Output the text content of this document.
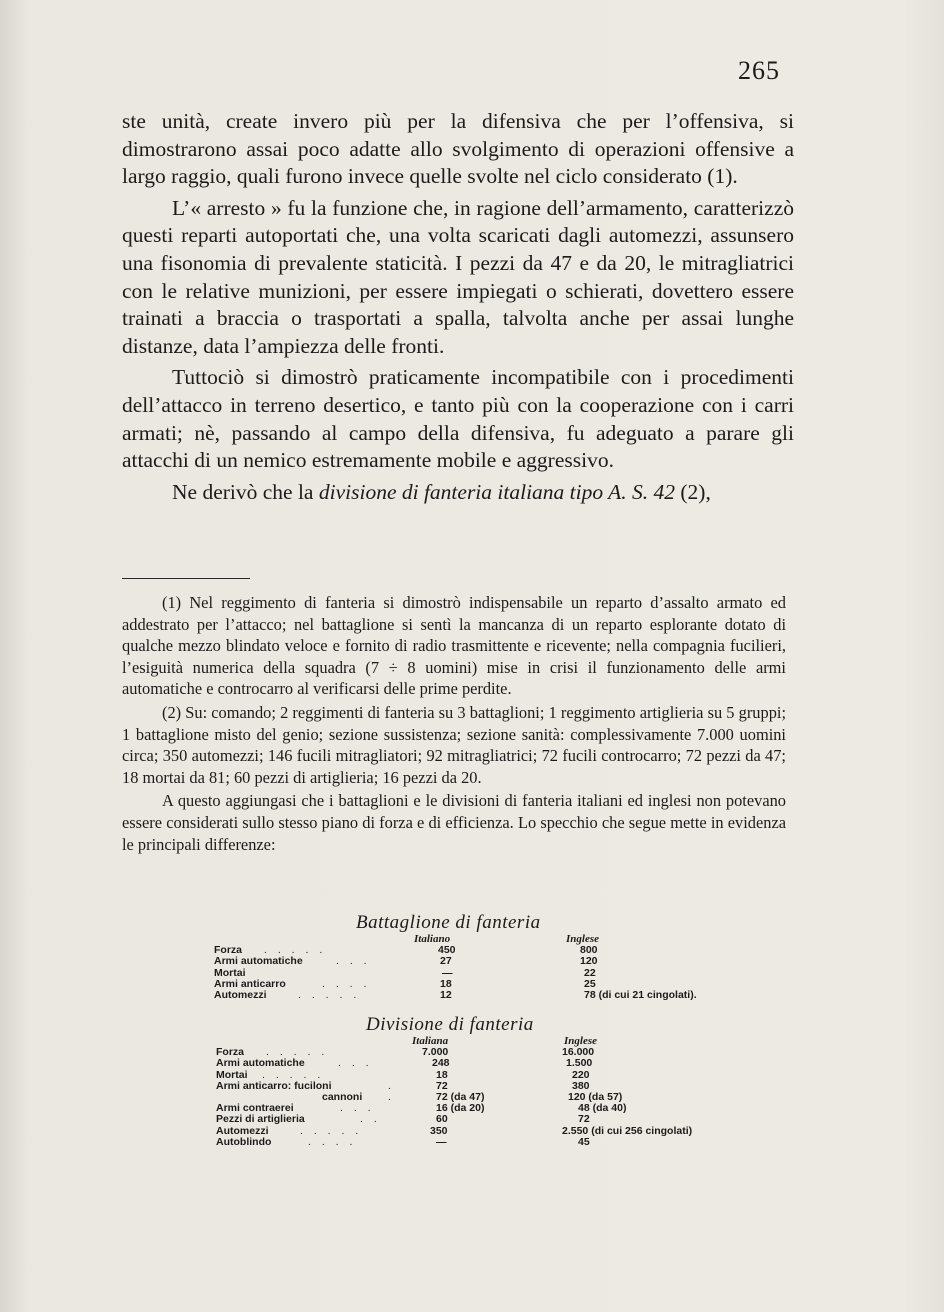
265

ste unità, create invero più per la difensiva che per l’offensiva, si dimostrarono assai poco adatte allo svolgimento di operazioni offensive a largo raggio, quali furono invece quelle svolte nel ciclo considerato (1).

L’« arresto » fu la funzione che, in ragione dell’armamento, caratterizzò questi reparti autoportati che, una volta scaricati dagli automezzi, assunsero una fisonomia di prevalente staticità. I pezzi da 47 e da 20, le mitragliatrici con le relative munizioni, per essere impiegati o schierati, dovettero essere trainati a braccia o trasportati a spalla, talvolta anche per assai lunghe distanze, data l’ampiezza delle fronti.

Tuttociò si dimostrò praticamente incompatibile con i procedimenti dell’attacco in terreno desertico, e tanto più con la cooperazione con i carri armati; nè, passando al campo della difensiva, fu adeguato a parare gli attacchi di un nemico estremamente mobile e aggressivo.

Ne derivò che la divisione di fanteria italiana tipo A. S. 42 (2),

(1) Nel reggimento di fanteria si dimostrò indispensabile un reparto d’assalto armato ed addestrato per l’attacco; nel battaglione si sentì la mancanza di un reparto esplorante dotato di qualche mezzo blindato veloce e fornito di radio trasmittente e ricevente; nella compagnia fucilieri, l’esiguità numerica della squadra (7 ÷ 8 uomini) mise in crisi il funzionamento delle armi automatiche e controcarro al verificarsi delle prime perdite.

(2) Su: comando; 2 reggimenti di fanteria su 3 battaglioni; 1 reggimento artiglieria su 5 gruppi; 1 battaglione misto del genio; sezione sussistenza; sezione sanità: complessivamente 7.000 uomini circa; 350 automezzi; 146 fucili mitragliatori; 92 mitragliatrici; 72 fucili controcarro; 72 pezzi da 47; 18 mortai da 81; 60 pezzi di artiglieria; 16 pezzi da 20.

A questo aggiungasi che i battaglioni e le divisioni di fanteria italiani ed inglesi non potevano essere considerati sullo stesso piano di forza e di efficienza. Lo specchio che segue mette in evidenza le principali differenze:

Battaglione di fanteria
Italiano	Inglese
Forza . . . . .	450	800
Armi automatiche	. . .	27	120
Mortai	—	22
Armi anticarro	. . . .	18	25
Automezzi	. . . . .	12	78 (di cui 21 cingolati).
Divisione di fanteria
Italiana	Inglese
Forza . . . . .	7.000	16.000
Armi automatiche	. . .	248	1.500
Mortai . . . . .	18	220
Armi anticarro: fuciloni	.	72	380
cannoni .	72 (da 47)	120 (da 57)
Armi contraerei	. . .	16 (da 20)	48 (da 40)
Pezzi di artiglieria	. .	60	72
Automezzi	. . . . .	350	2.550 (di cui 256 cingolati)
Autoblindo	. . . .	—	45
